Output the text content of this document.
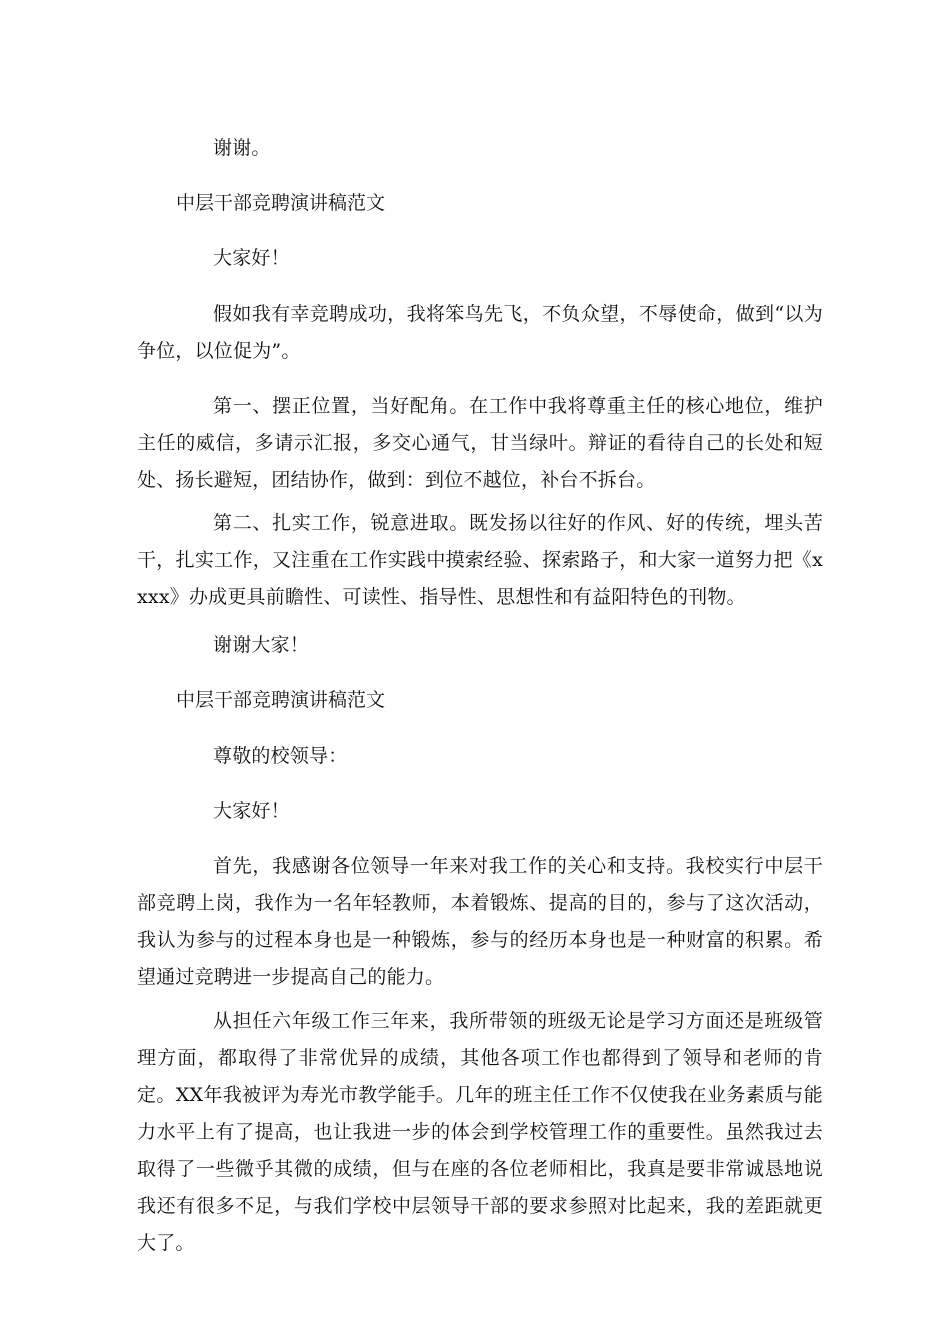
谢谢。
中层干部竞聘演讲稿范文
大家好！
假如我有幸竞聘成功，我将笨鸟先飞，不负众望，不辱使命，做到“以为争位，以位促为”。
第一、摆正位置，当好配角。在工作中我将尊重主任的核心地位，维护主任的威信，多请示汇报，多交心通气，甘当绿叶。辩证的看待自己的长处和短处、扬长避短，团结协作，做到：到位不越位，补台不拆台。
第二、扎实工作，锐意进取。既发扬以往好的作风、好的传统，埋头苦干，扎实工作，又注重在工作实践中摸索经验、探索路子，和大家一道努力把《xxxx》办成更具前瞻性、可读性、指导性、思想性和有益阳特色的刊物。
谢谢大家！
中层干部竞聘演讲稿范文
尊敬的校领导：
大家好！
首先，我感谢各位领导一年来对我工作的关心和支持。我校实行中层干部竞聘上岗，我作为一名年轻教师，本着锻炼、提高的目的，参与了这次活动，我认为参与的过程本身也是一种锻炼，参与的经历本身也是一种财富的积累。希望通过竞聘进一步提高自己的能力。
从担任六年级工作三年来，我所带领的班级无论是学习方面还是班级管理方面，都取得了非常优异的成绩，其他各项工作也都得到了领导和老师的肯定。XX年我被评为寿光市教学能手。几年的班主任工作不仅使我在业务素质与能力水平上有了提高，也让我进一步的体会到学校管理工作的重要性。虽然我过去取得了一些微乎其微的成绩，但与在座的各位老师相比，我真是要非常诚恳地说我还有很多不足，与我们学校中层领导干部的要求参照对比起来，我的差距就更大了。
